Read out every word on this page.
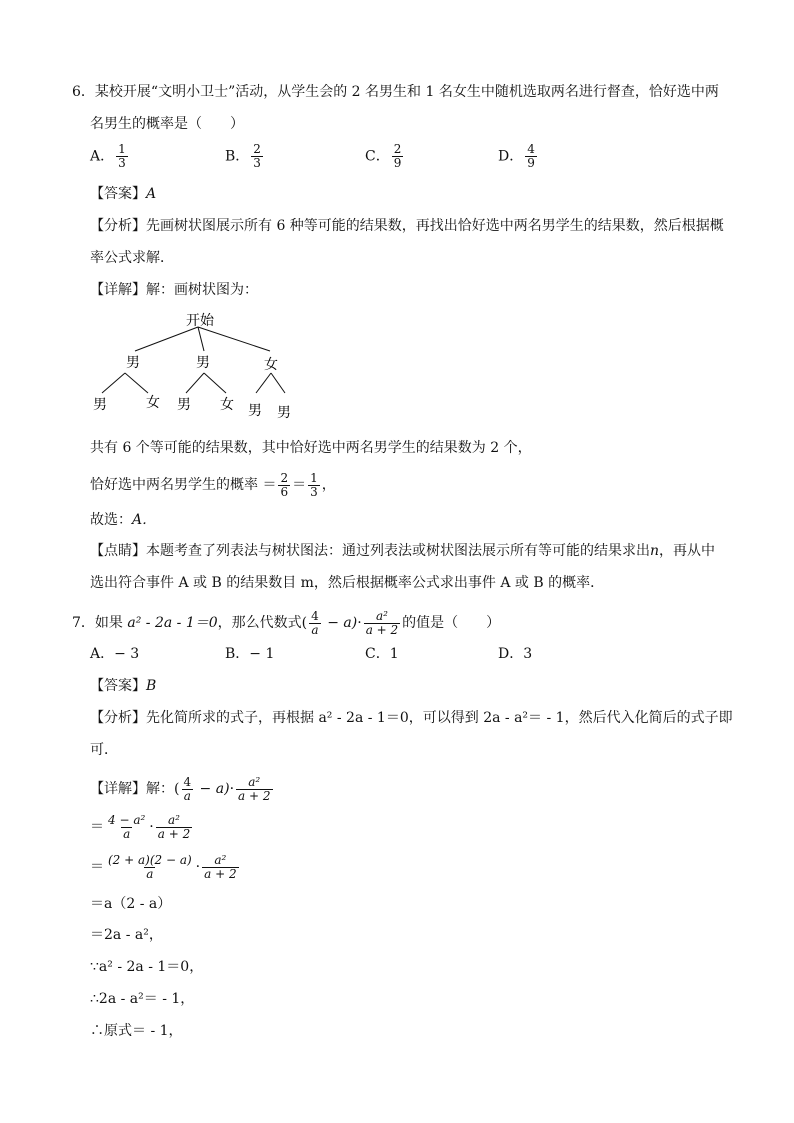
6．某校开展“文明小卫士”活动，从学生会的 2 名男生和 1 名女生中随机选取两名进行督查，恰好选中两
名男生的概率是（　　）
A． $\frac{1}{3}$	B． $\frac{2}{3}$	C． $\frac{2}{9}$	D． $\frac{4}{9}$
【答案】A
【分析】先画树状图展示所有 6 种等可能的结果数，再找出恰好选中两名男学生的结果数，然后根据概
率公式求解．
【详解】解：画树状图为：
开始
男	男	女
男	女 男 女 男 男
共有 6 个等可能的结果数，其中恰好选中两名男学生的结果数为 2 个，
恰好选中两名男学生的概率 ＝ $\frac{2}{6} = \frac{1}{3}$ ，
故选：A．
【点睛】本题考查了列表法与树状图法：通过列表法或树状图法展示所有等可能的结果求出n，再从中
选出符合事件 A 或 B 的结果数目 m，然后根据概率公式求出事件 A 或 B 的概率．
7．如果 a² - 2a - 1＝0，那么代数式( $\frac{4}{a} - a)\cdot \frac{\text{a²}}{a + 2}$ 的值是（　　）
A．− 3	B．− 1	C．1	D．3
【答案】B
【分析】先化简所求的式子，再根据 a² - 2a - 1＝0，可以得到 2a - a²＝ - 1，然后代入化简后的式子即
可．
【详解】解：( $\frac{4}{a} - a)\cdot \frac{\text{a²}}{a + 2}$
＝ $\frac{\text{4 − a²}}{a} \cdot \frac{\text{a²}}{a + 2}$
＝ $\frac{(2 + a)(2 - a)}{a} \cdot \frac{\text{a²}}{a + 2}$
＝a（2 - a）
＝2a - a²，
∵a² - 2a - 1＝0，
∴2a - a²＝ - 1，
∴原式＝ - 1，
